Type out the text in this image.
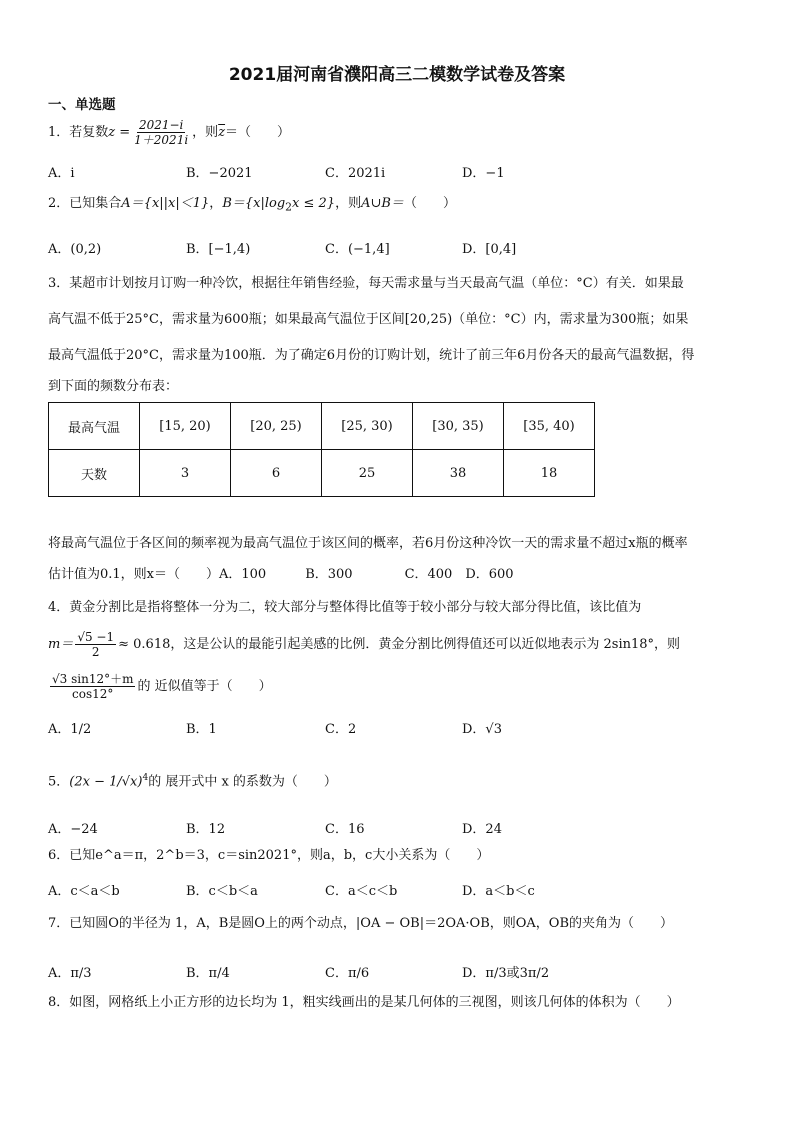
2021届河南省濮阳高三二模数学试卷及答案
一、单选题
1．若复数$z = \frac{2021-i}{1+2021i}$ ，则$\overline{z}=$（　　）
A．i	B．−2021	C．2021i	D．−1
2．已知集合A＝{x||x|＜1}，$B=\{x|\log_2x \le 2\}$，则A∪B＝（　　）
A．(0,2)	B．[−1,4)	C．(−1,4]	D．[0,4]
3．某超市计划按月订购一种冷饮，根据往年销售经验，每天需求量与当天最高气温（单位：°C）有关．如果最
高气温不低于25°C，需求量为600瓶；如果最高气温位于区间[20,25)（单位：°C）内，需求量为300瓶；如果
最高气温低于20°C，需求量为100瓶．为了确定6月份的订购计划，统计了前三年6月份各天的最高气温数据，得
到下面的频数分布表：
最高气温	[15, 20)	[20, 25)	[25, 30)	[30, 35)	[35, 40)
天数	3	6	25	38	18
将最高气温位于各区间的频率视为最高气温位于该区间的概率，若6月份这种冷饮一天的需求量不超过x瓶的概率
估计值为0.1，则x＝（　　）A．100　　　B．300　　　　C．400　D．600
4．黄金分割比是指将整体一分为二，较大部分与整体得比值等于较小部分与较大部分得比值，该比值为
$m= \frac{√5 -1}{2} \approx 0.618$，这是公认的最能引起美感的比例．黄金分割比例得值还可以近似地表示为 2sin18°，则
$\frac{√3 \sin 12^\circ+m}{\cos 12^\circ}$ 的 近似值等于（　　）
A．1/2	B．1	C．2	D．√3
5．$(2x - 1/√x)^4$的 展开式中 x 的系数为（　　）
A．−24	B．12	C．16	D．24
6．已知e^a＝π，2^b＝3，c＝sin2021°，则a，b，c大小关系为（　　）
A．c＜a＜b	B．c＜b＜a	C．a＜c＜b	D．a＜b＜c
7．已知圆O的半径为 1，A，B是圆O上的两个动点，|OA − OB|＝2OA·OB，则OA，OB的夹角为（　　）
A．π/3	B．π/4	C．π/6	D．π/3或3π/2
8．如图，网格纸上小正方形的边长均为 1，粗实线画出的是某几何体的三视图，则该几何体的体积为（　　）
